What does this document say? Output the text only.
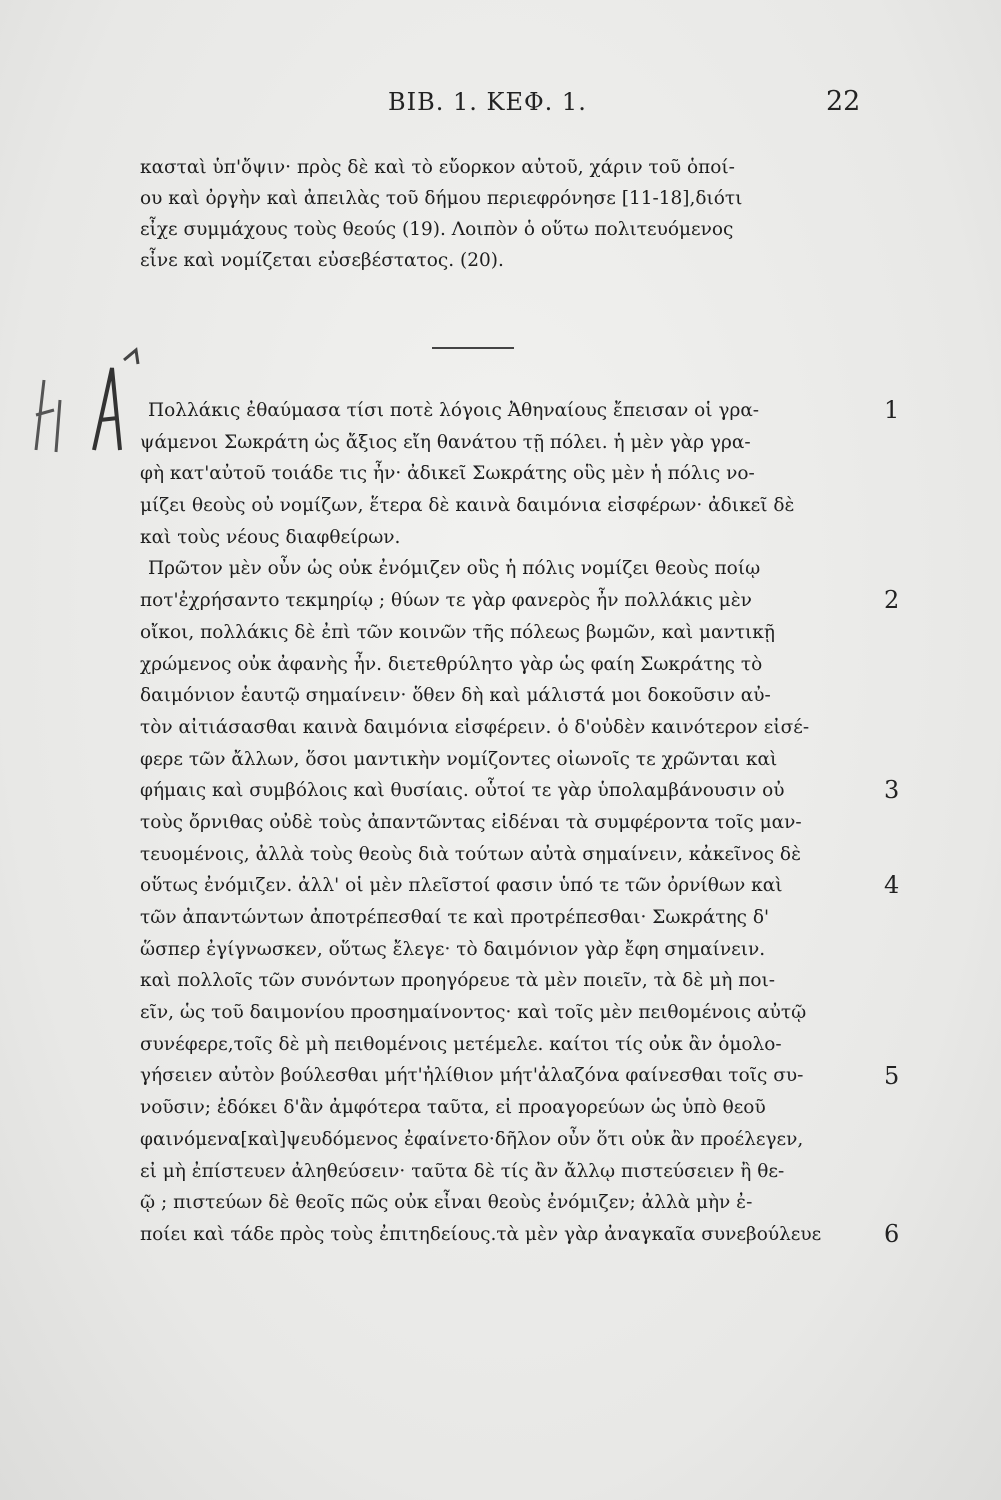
ΒΙΒ. 1. ΚΕΦ. 1.	22
κασταὶ ὑπ'ὄψιν· πρὸς δὲ καὶ τὸ εὔορκον αὐτοῦ, χάριν τοῦ ὁποί-
ου καὶ ὀργὴν καὶ ἀπειλὰς τοῦ δήμου περιεφρόνησε [11-18],διότι
εἶχε συμμάχους τοὺς θεούς (19). Λοιπὸν ὁ οὕτω πολιτευόμενος
εἶνε καὶ νομίζεται εὐσεβέστατος. (20).
Α	Πολλάκις ἐθαύμασα τίσι ποτὲ λόγοις Ἀθηναίους ἔπεισαν οἱ γρα-
ψάμενοι Σωκράτη ὡς ἄξιος εἴη θανάτου τῇ πόλει. ἡ μὲν γὰρ γρα-
φὴ κατ'αὐτοῦ τοιάδε τις ἦν· ἀδικεῖ Σωκράτης οὓς μὲν ἡ πόλις νο-
μίζει θεοὺς οὐ νομίζων, ἕτερα δὲ καινὰ δαιμόνια εἰσφέρων· ἀδικεῖ δὲ
καὶ τοὺς νέους διαφθείρων.
Πρῶτον μὲν οὖν ὡς οὐκ ἐνόμιζεν οὓς ἡ πόλις νομίζει θεοὺς ποίῳ
ποτ'ἐχρήσαντο τεκμηρίῳ ; θύων τε γὰρ φανερὸς ἦν πολλάκις μὲν
οἴκοι, πολλάκις δὲ ἐπὶ τῶν κοινῶν τῆς πόλεως βωμῶν, καὶ μαντικῇ
χρώμενος οὐκ ἀφανὴς ἦν. διετεθρύλητο γὰρ ὡς φαίη Σωκράτης τὸ
δαιμόνιον ἑαυτῷ σημαίνειν· ὅθεν δὴ καὶ μάλιστά μοι δοκοῦσιν αὐ-
τὸν αἰτιάσασθαι καινὰ δαιμόνια εἰσφέρειν. ὁ δ'οὐδὲν καινότερον εἰσέ-
φερε τῶν ἄλλων, ὅσοι μαντικὴν νομίζοντες οἰωνοῖς τε χρῶνται καὶ
φήμαις καὶ συμβόλοις καὶ θυσίαις. οὗτοί τε γὰρ ὑπολαμβάνουσιν οὐ
τοὺς ὄρνιθας οὐδὲ τοὺς ἀπαντῶντας εἰδέναι τὰ συμφέροντα τοῖς μαν-
τευομένοις, ἀλλὰ τοὺς θεοὺς διὰ τούτων αὐτὰ σημαίνειν, κἀκεῖνος δὲ
οὕτως ἐνόμιζεν. ἀλλ' οἱ μὲν πλεῖστοί φασιν ὑπό τε τῶν ὀρνίθων καὶ
τῶν ἀπαντώντων ἀποτρέπεσθαί τε καὶ προτρέπεσθαι· Σωκράτης δ'
ὥσπερ ἐγίγνωσκεν, οὕτως ἔλεγε· τὸ δαιμόνιον γὰρ ἔφη σημαίνειν.
καὶ πολλοῖς τῶν συνόντων προηγόρευε τὰ μὲν ποιεῖν, τὰ δὲ μὴ ποι-
εῖν, ὡς τοῦ δαιμονίου προσημαίνοντος· καὶ τοῖς μὲν πειθομένοις αὐτῷ
συνέφερε,τοῖς δὲ μὴ πειθομένοις μετέμελε. καίτοι τίς οὐκ ἂν ὁμολο-
γήσειεν αὐτὸν βούλεσθαι μήτ'ἠλίθιον μήτ'ἀλαζόνα φαίνεσθαι τοῖς συ-
νοῦσιν; ἐδόκει δ'ἂν ἀμφότερα ταῦτα, εἰ προαγορεύων ὡς ὑπὸ θεοῦ
φαινόμενα[καὶ]ψευδόμενος ἐφαίνετο·δῆλον οὖν ὅτι οὐκ ἂν προέλεγεν,
εἰ μὴ ἐπίστευεν ἀληθεύσειν· ταῦτα δὲ τίς ἂν ἄλλῳ πιστεύσειεν ἢ θε-
ῷ ; πιστεύων δὲ θεοῖς πῶς οὐκ εἶναι θεοὺς ἐνόμιζεν; ἀλλὰ μὴν ἐ-
ποίει καὶ τάδε πρὸς τοὺς ἐπιτηδείους.τὰ μὲν γὰρ ἀναγκαῖα συνεβούλευε
1
2
3
4
5
6
